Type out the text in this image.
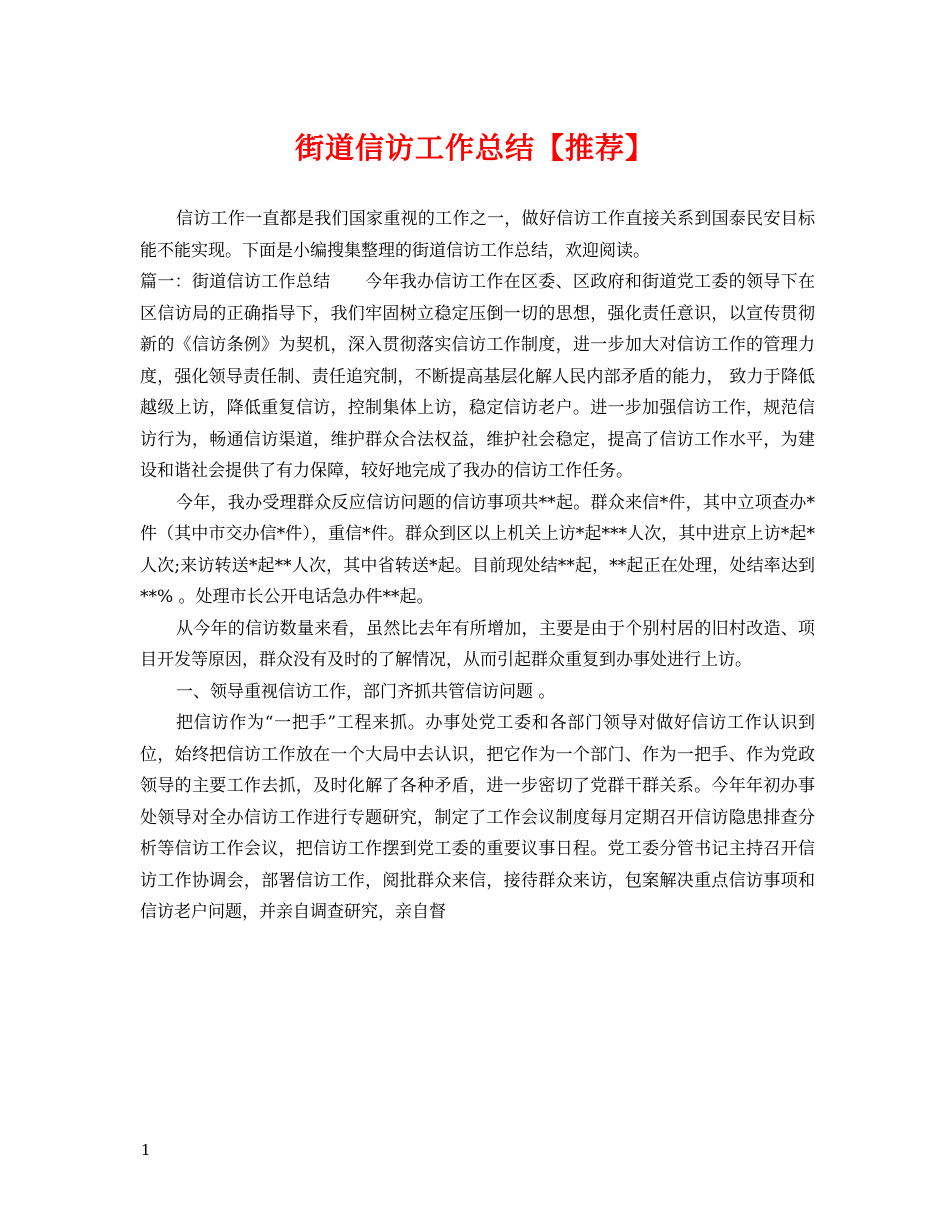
街道信访工作总结【推荐】

信访工作一直都是我们国家重视的工作之一，做好信访工作直接关系到国泰民安目标能不能实现。下面是小编搜集整理的街道信访工作总结，欢迎阅读。

篇一：街道信访工作总结　　今年我办信访工作在区委、区政府和街道党工委的领导下在区信访局的正确指导下，我们牢固树立稳定压倒一切的思想，强化责任意识，以宣传贯彻新的《信访条例》为契机，深入贯彻落实信访工作制度，进一步加大对信访工作的管理力度，强化领导责任制、责任追究制，不断提高基层化解人民内部矛盾的能力， 致力于降低越级上访，降低重复信访，控制集体上访，稳定信访老户。进一步加强信访工作，规范信访行为，畅通信访渠道，维护群众合法权益，维护社会稳定，提高了信访工作水平，为建设和谐社会提供了有力保障，较好地完成了我办的信访工作任务。

今年，我办受理群众反应信访问题的信访事项共**起。群众来信*件，其中立项查办*件（其中市交办信*件），重信*件。群众到区以上机关上访*起***人次，其中进京上访*起*人次;来访转送*起**人次，其中省转送*起。目前现处结**起，**起正在处理，处结率达到**% 。处理市长公开电话急办件**起。

从今年的信访数量来看，虽然比去年有所增加，主要是由于个别村居的旧村改造、项目开发等原因，群众没有及时的了解情况，从而引起群众重复到办事处进行上访。

一、领导重视信访工作，部门齐抓共管信访问题 。

把信访作为“一把手”工程来抓。办事处党工委和各部门领导对做好信访工作认识到位，始终把信访工作放在一个大局中去认识，把它作为一个部门、作为一把手、作为党政领导的主要工作去抓，及时化解了各种矛盾，进一步密切了党群干群关系。今年年初办事处领导对全办信访工作进行专题研究，制定了工作会议制度每月定期召开信访隐患排查分析等信访工作会议，把信访工作摆到党工委的重要议事日程。党工委分管书记主持召开信访工作协调会，部署信访工作，阅批群众来信，接待群众来访，包案解决重点信访事项和信访老户问题，并亲自调查研究，亲自督

1
